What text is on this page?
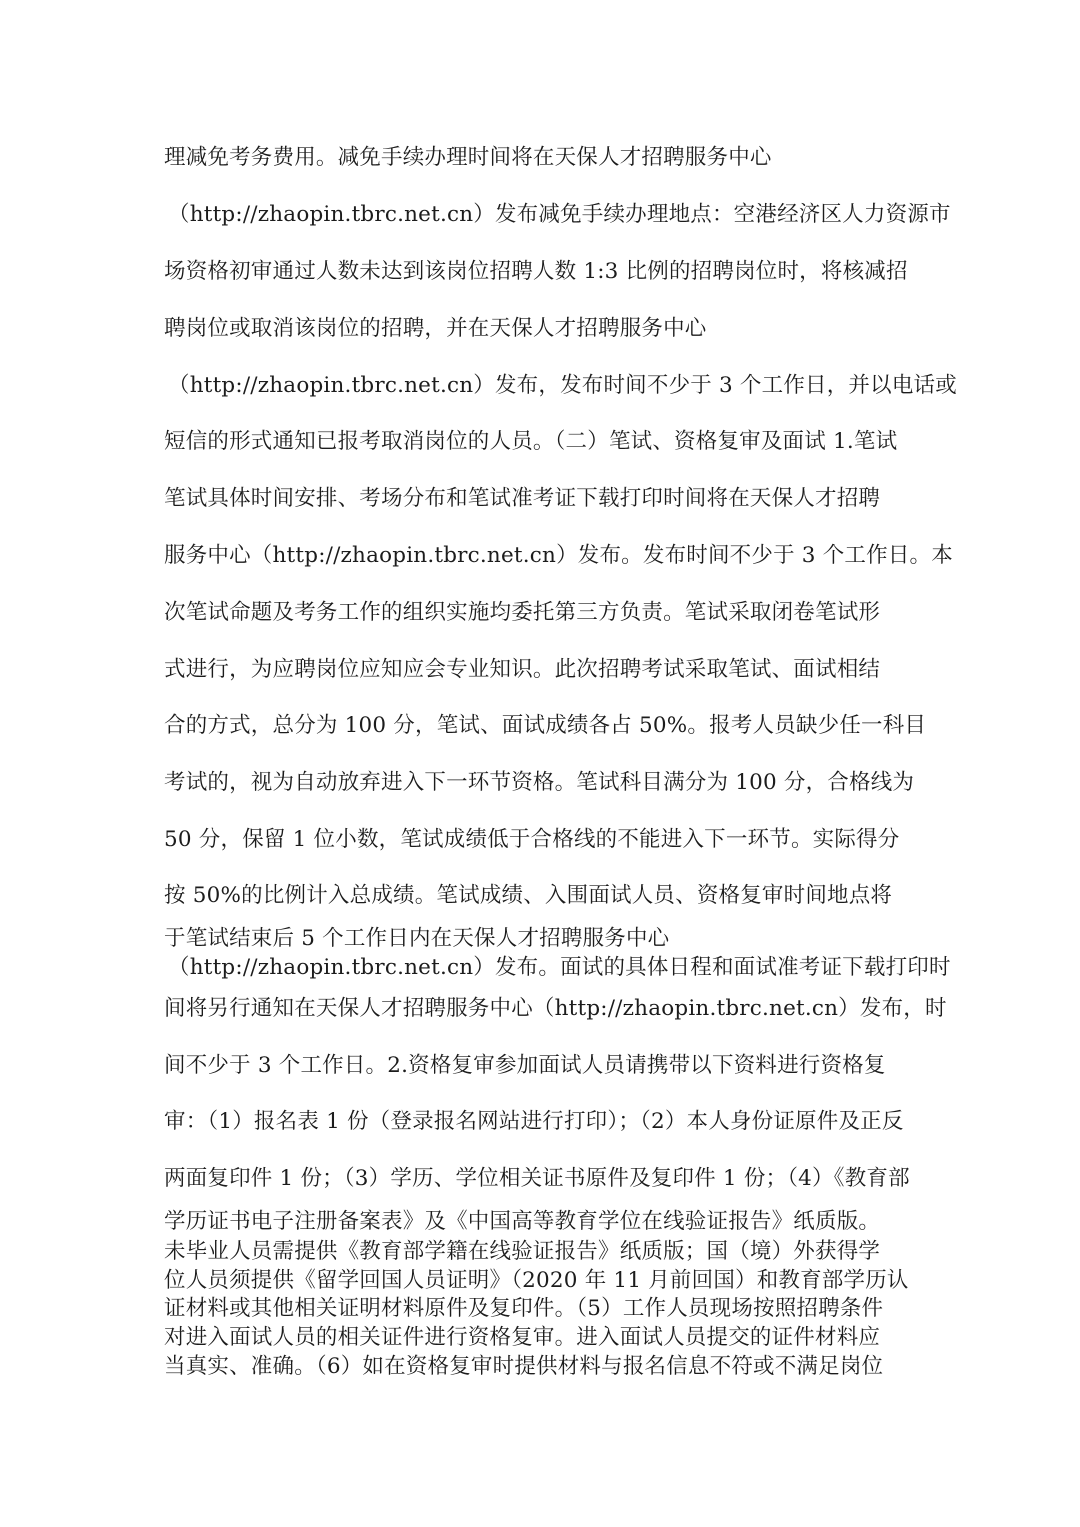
理减免考务费用。减免手续办理时间将在天保人才招聘服务中心
（http://zhaopin.tbrc.net.cn）发布减免手续办理地点：空港经济区人力资源市
场资格初审通过人数未达到该岗位招聘人数 1:3 比例的招聘岗位时，将核减招
聘岗位或取消该岗位的招聘，并在天保人才招聘服务中心
（http://zhaopin.tbrc.net.cn）发布，发布时间不少于 3 个工作日，并以电话或
短信的形式通知已报考取消岗位的人员。（二）笔试、资格复审及面试 1.笔试
笔试具体时间安排、考场分布和笔试准考证下载打印时间将在天保人才招聘
服务中心（http://zhaopin.tbrc.net.cn）发布。发布时间不少于 3 个工作日。本
次笔试命题及考务工作的组织实施均委托第三方负责。笔试采取闭卷笔试形
式进行，为应聘岗位应知应会专业知识。此次招聘考试采取笔试、面试相结
合的方式，总分为 100 分，笔试、面试成绩各占 50%。报考人员缺少任一科目
考试的，视为自动放弃进入下一环节资格。笔试科目满分为 100 分，合格线为
50 分，保留 1 位小数，笔试成绩低于合格线的不能进入下一环节。实际得分
按 50%的比例计入总成绩。笔试成绩、入围面试人员、资格复审时间地点将
于笔试结束后 5 个工作日内在天保人才招聘服务中心
（http://zhaopin.tbrc.net.cn）发布。面试的具体日程和面试准考证下载打印时
间将另行通知在天保人才招聘服务中心（http://zhaopin.tbrc.net.cn）发布，时
间不少于 3 个工作日。2.资格复审参加面试人员请携带以下资料进行资格复
审：（1）报名表 1 份（登录报名网站进行打印）；（2）本人身份证原件及正反
两面复印件 1 份；（3）学历、学位相关证书原件及复印件 1 份；（4）《教育部
学历证书电子注册备案表》及《中国高等教育学位在线验证报告》纸质版。
未毕业人员需提供《教育部学籍在线验证报告》纸质版；国（境）外获得学
位人员须提供《留学回国人员证明》（2020 年 11 月前回国）和教育部学历认
证材料或其他相关证明材料原件及复印件。（5）工作人员现场按照招聘条件
对进入面试人员的相关证件进行资格复审。进入面试人员提交的证件材料应
当真实、准确。（6）如在资格复审时提供材料与报名信息不符或不满足岗位
